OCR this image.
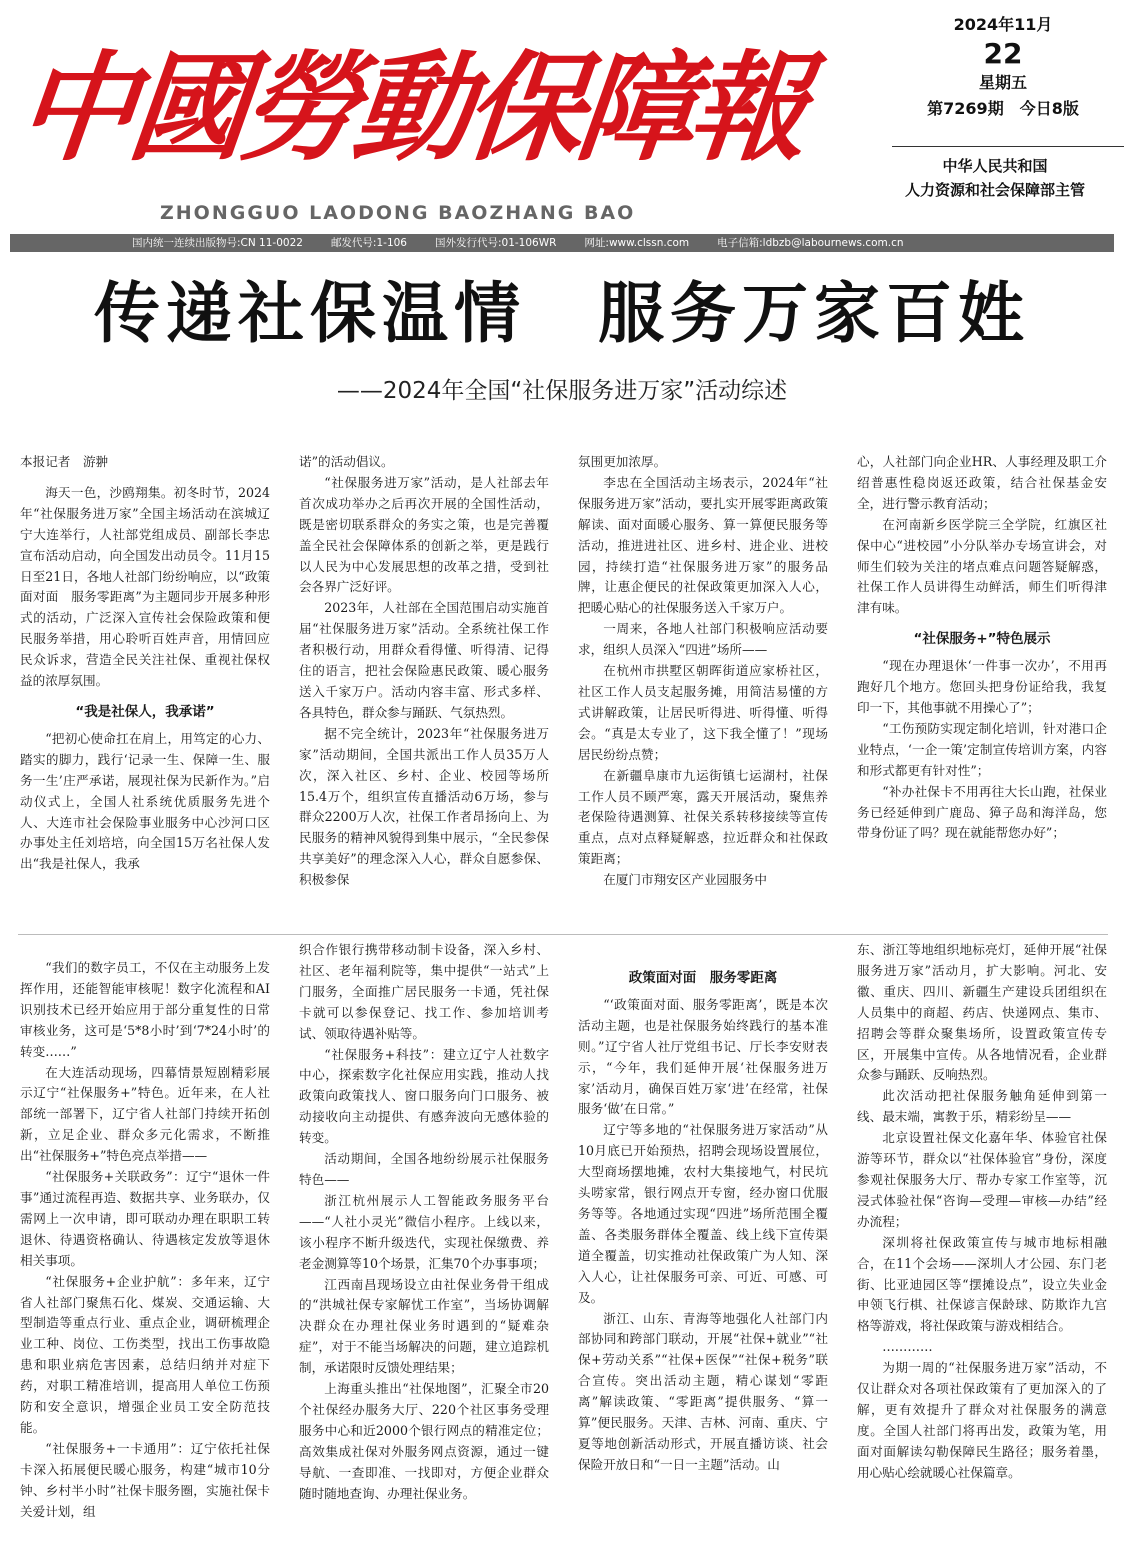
中國勞動保障報
ZHONGGUO LAODONG BAOZHANG BAO
2024年11月
22
星期五
第7269期　今日8版
中华人民共和国
人力资源和社会保障部主管
国内统一连续出版物号:CN 11-0022	邮发代号:1-106	国外发行代号:01-106WR	网址:www.clssn.com	电子信箱:ldbzb@labournews.com.cn
传递社保温情　服务万家百姓
——2024年全国“社保服务进万家”活动综述

本报记者　游翀

海天一色，沙鸥翔集。初冬时节，2024年“社保服务进万家”全国主场活动在滨城辽宁大连举行，人社部党组成员、副部长李忠宣布活动启动，向全国发出动员令。11月15日至21日，各地人社部门纷纷响应，以“政策面对面　服务零距离”为主题同步开展多种形式的活动，广泛深入宣传社会保险政策和便民服务举措，用心聆听百姓声音，用情回应民众诉求，营造全民关注社保、重视社保权益的浓厚氛围。

“我是社保人，我承诺”

“把初心使命扛在肩上，用笃定的心力、踏实的脚力，践行‘记录一生、保障一生、服务一生’庄严承诺，展现社保为民新作为。”启动仪式上，全国人社系统优质服务先进个人、大连市社会保险事业服务中心沙河口区办事处主任刘培培，向全国15万名社保人发出“我是社保人，我承

诺”的活动倡议。

“社保服务进万家”活动，是人社部去年首次成功举办之后再次开展的全国性活动，既是密切联系群众的务实之策，也是完善覆盖全民社会保障体系的创新之举，更是践行以人民为中心发展思想的改革之措，受到社会各界广泛好评。

2023年，人社部在全国范围启动实施首届“社保服务进万家”活动。全系统社保工作者积极行动，用群众看得懂、听得清、记得住的语言，把社会保险惠民政策、暖心服务送入千家万户。活动内容丰富、形式多样、各具特色，群众参与踊跃、气氛热烈。

据不完全统计，2023年“社保服务进万家”活动期间，全国共派出工作人员35万人次，深入社区、乡村、企业、校园等场所15.4万个，组织宣传直播活动6万场，参与群众2200万人次，社保工作者昂扬向上、为民服务的精神风貌得到集中展示，“全民参保　共享美好”的理念深入人心，群众自愿参保、积极参保

氛围更加浓厚。

李忠在全国活动主场表示，2024年“社保服务进万家”活动，要扎实开展零距离政策解读、面对面暖心服务、算一算便民服务等活动，推进进社区、进乡村、进企业、进校园，持续打造“社保服务进万家”的服务品牌，让惠企便民的社保政策更加深入人心，把暖心贴心的社保服务送入千家万户。

一周来，各地人社部门积极响应活动要求，组织人员深入“四进”场所——

在杭州市拱墅区朝晖街道应家桥社区，社区工作人员支起服务摊，用简洁易懂的方式讲解政策，让居民听得进、听得懂、听得会。“真是太专业了，这下我全懂了！”现场居民纷纷点赞；

在新疆阜康市九运街镇七运湖村，社保工作人员不顾严寒，露天开展活动，聚焦养老保险待遇测算、社保关系转移接续等宣传重点，点对点释疑解惑，拉近群众和社保政策距离；

在厦门市翔安区产业园服务中

心，人社部门向企业HR、人事经理及职工介绍普惠性稳岗返还政策，结合社保基金安全，进行警示教育活动；

在河南新乡医学院三全学院，红旗区社保中心“进校园”小分队举办专场宣讲会，对师生们较为关注的堵点难点问题答疑解惑，社保工作人员讲得生动鲜活，师生们听得津津有味。

“社保服务+”特色展示

“现在办理退休‘一件事一次办’，不用再跑好几个地方。您回头把身份证给我，我复印一下，其他事就不用操心了”；

“工伤预防实现定制化培训，针对港口企业特点，‘一企一策’定制宣传培训方案，内容和形式都更有针对性”；

“补办社保卡不用再往大长山跑，社保业务已经延伸到广鹿岛、獐子岛和海洋岛，您带身份证了吗？现在就能帮您办好”；

“我们的数字员工，不仅在主动服务上发挥作用，还能智能审核呢！数字化流程和AI识别技术已经开始应用于部分重复性的日常审核业务，这可是‘5*8小时’到‘7*24小时’的转变……”

在大连活动现场，四幕情景短剧精彩展示辽宁“社保服务+”特色。近年来，在人社部统一部署下，辽宁省人社部门持续开拓创新，立足企业、群众多元化需求，不断推出“社保服务+”特色亮点举措——

“社保服务+关联政务”：辽宁“退休一件事”通过流程再造、数据共享、业务联办，仅需网上一次申请，即可联动办理在职职工转退休、待遇资格确认、待遇核定发放等退休相关事项。

“社保服务+企业护航”：多年来，辽宁省人社部门聚焦石化、煤炭、交通运输、大型制造等重点行业、重点企业，调研梳理企业工种、岗位、工伤类型，找出工伤事故隐患和职业病危害因素，总结归纳并对症下药，对职工精准培训，提高用人单位工伤预防和安全意识，增强企业员工安全防范技能。

“社保服务+一卡通用”：辽宁依托社保卡深入拓展便民暖心服务，构建“城市10分钟、乡村半小时”社保卡服务圈，实施社保卡关爱计划，组

织合作银行携带移动制卡设备，深入乡村、社区、老年福利院等，集中提供“一站式”上门服务，全面推广居民服务一卡通，凭社保卡就可以参保登记、找工作、参加培训考试、领取待遇补贴等。

“社保服务+科技”：建立辽宁人社数字中心，探索数字化社保应用实践，推动人找政策向政策找人、窗口服务向门口服务、被动接收向主动提供、有感奔波向无感体验的转变。

活动期间，全国各地纷纷展示社保服务特色——

浙江杭州展示人工智能政务服务平台——“人社小灵光”微信小程序。上线以来，该小程序不断升级迭代，实现社保缴费、养老金测算等10个场景，汇集70个办事事项；

江西南昌现场设立由社保业务骨干组成的“洪城社保专家解忧工作室”，当场协调解决群众在办理社保业务时遇到的“疑难杂症”，对于不能当场解决的问题，建立追踪机制，承诺限时反馈处理结果；

上海重头推出“社保地图”，汇聚全市20个社保经办服务大厅、220个社区事务受理服务中心和近2000个银行网点的精准定位；高效集成社保对外服务网点资源，通过一键导航、一查即准、一找即对，方便企业群众随时随地查询、办理社保业务。

政策面对面　服务零距离

“‘政策面对面、服务零距离’，既是本次活动主题，也是社保服务始终践行的基本准则。”辽宁省人社厅党组书记、厅长李安财表示，“今年，我们延伸开展‘社保服务进万家’活动月，确保百姓万家‘进’在经常，社保服务‘做’在日常。”

辽宁等多地的“社保服务进万家活动”从10月底已开始预热，招聘会现场设置展位，大型商场摆地摊，农村大集接地气，村民坑头唠家常，银行网点开专窗，经办窗口优服务等等。各地通过实现“四进”场所范围全覆盖、各类服务群体全覆盖、线上线下宣传渠道全覆盖，切实推动社保政策广为人知、深入人心，让社保服务可亲、可近、可感、可及。

浙江、山东、青海等地强化人社部门内部协同和跨部门联动，开展“社保+就业”“社保+劳动关系”“社保+医保”“社保+税务”联合宣传。突出活动主题，精心谋划“零距离”解读政策、“零距离”提供服务、“算一算”便民服务。天津、吉林、河南、重庆、宁夏等地创新活动形式，开展直播访谈、社会保险开放日和“一日一主题”活动。山

东、浙江等地组织地标亮灯，延伸开展“社保服务进万家”活动月，扩大影响。河北、安徽、重庆、四川、新疆生产建设兵团组织在人员集中的商超、药店、快递网点、集市、招聘会等群众聚集场所，设置政策宣传专区，开展集中宣传。从各地情况看，企业群众参与踊跃、反响热烈。

此次活动把社保服务触角延伸到第一线、最末端，寓教于乐，精彩纷呈——

北京设置社保文化嘉年华、体验官社保游等环节，群众以“社保体验官”身份，深度参观社保服务大厅、帮办专家工作室等，沉浸式体验社保“咨询—受理—审核—办结”经办流程；

深圳将社保政策宣传与城市地标相融合，在11个会场——深圳人才公园、东门老街、比亚迪园区等“摆摊设点”，设立失业金申领飞行棋、社保谚言保龄球、防欺诈九宫格等游戏，将社保政策与游戏相结合。

…………

为期一周的“社保服务进万家”活动，不仅让群众对各项社保政策有了更加深入的了解，更有效提升了群众对社保服务的满意度。全国人社部门将再出发，政策为笔，用面对面解读勾勒保障民生路径；服务着墨，用心贴心绘就暖心社保篇章。
